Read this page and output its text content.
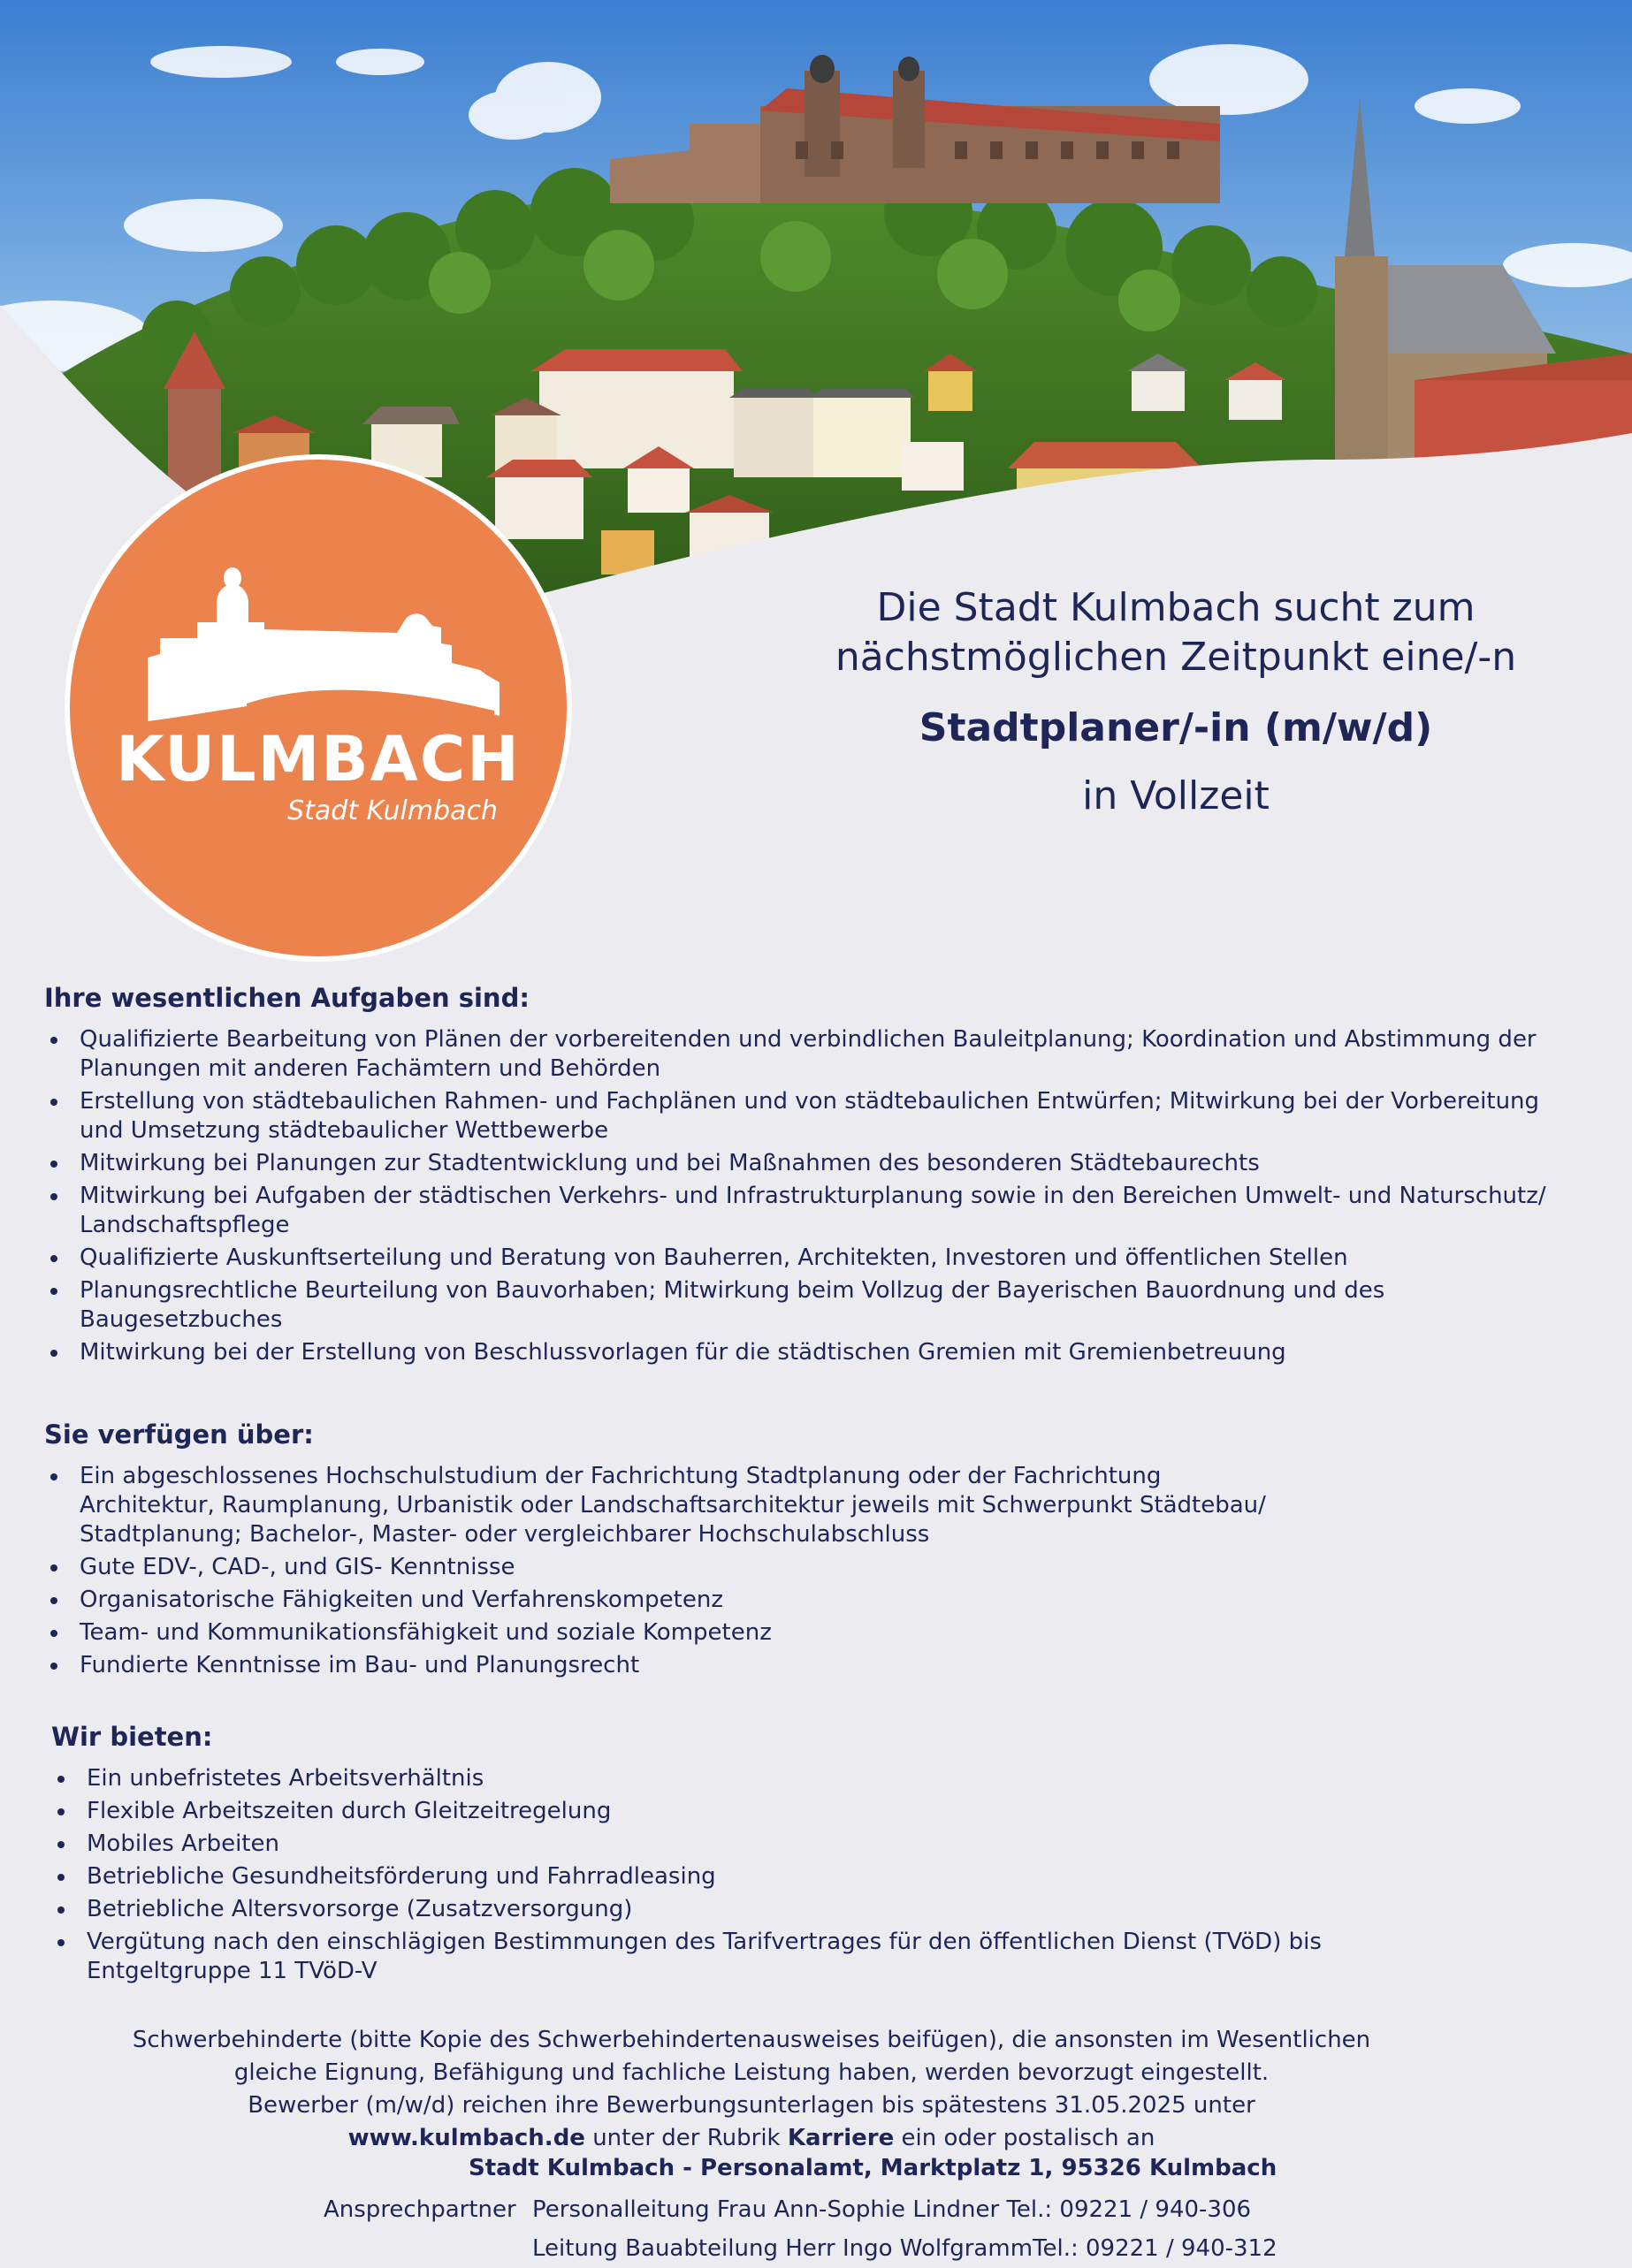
KULMBACH
Stadt Kulmbach
Die Stadt Kulmbach sucht zum
nächstmöglichen Zeitpunkt eine/-n
Stadtplaner/-in (m/w/d)
in Vollzeit
Ihre wesentlichen Aufgaben sind:
Qualifizierte Bearbeitung von Plänen der vorbereitenden und verbindlichen Bauleitplanung; Koordination und Abstimmung der Planungen mit anderen Fachämtern und Behörden
Erstellung von städtebaulichen Rahmen- und Fachplänen und von städtebaulichen Entwürfen; Mitwirkung bei der Vorbereitung und Umsetzung städtebaulicher Wettbewerbe
Mitwirkung bei Planungen zur Stadtentwicklung und bei Maßnahmen des besonderen Städtebaurechts
Mitwirkung bei Aufgaben der städtischen Verkehrs- und Infrastrukturplanung sowie in den Bereichen Umwelt- und Naturschutz/ Landschaftspflege
Qualifizierte Auskunftserteilung und Beratung von Bauherren, Architekten, Investoren und öffentlichen Stellen
Planungsrechtliche Beurteilung von Bauvorhaben; Mitwirkung beim Vollzug der Bayerischen Bauordnung und des Baugesetzbuches
Mitwirkung bei der Erstellung von Beschlussvorlagen für die städtischen Gremien mit Gremienbetreuung
Sie verfügen über:
Ein abgeschlossenes Hochschulstudium der Fachrichtung Stadtplanung oder der Fachrichtung Architektur, Raumplanung, Urbanistik oder Landschaftsarchitektur jeweils mit Schwerpunkt Städtebau/ Stadtplanung; Bachelor-, Master- oder vergleichbarer Hochschulabschluss
Gute EDV-, CAD-, und GIS- Kenntnisse
Organisatorische Fähigkeiten und Verfahrenskompetenz
Team- und Kommunikationsfähigkeit und soziale Kompetenz
Fundierte Kenntnisse im Bau- und Planungsrecht
Wir bieten:
Ein unbefristetes Arbeitsverhältnis
Flexible Arbeitszeiten durch Gleitzeitregelung
Mobiles Arbeiten
Betriebliche Gesundheitsförderung und Fahrradleasing
Betriebliche Altersvorsorge (Zusatzversorgung)
Vergütung nach den einschlägigen Bestimmungen des Tarifvertrages für den öffentlichen Dienst (TVöD) bis Entgeltgruppe 11 TVöD-V
Schwerbehinderte (bitte Kopie des Schwerbehindertenausweises beifügen), die ansonsten im Wesentlichen
gleiche Eignung, Befähigung und fachliche Leistung haben, werden bevorzugt eingestellt.
Bewerber (m/w/d) reichen ihre Bewerbungsunterlagen bis spätestens 31.05.2025 unter
www.kulmbach.de unter der Rubrik Karriere ein oder postalisch an
Stadt Kulmbach - Personalamt, Marktplatz 1, 95326 Kulmbach
Ansprechpartner Personalleitung Frau Ann-Sophie Lindner Tel.: 09221 / 940-306
Leitung Bauabteilung Herr Ingo WolfgrammTel.: 09221 / 940-312
